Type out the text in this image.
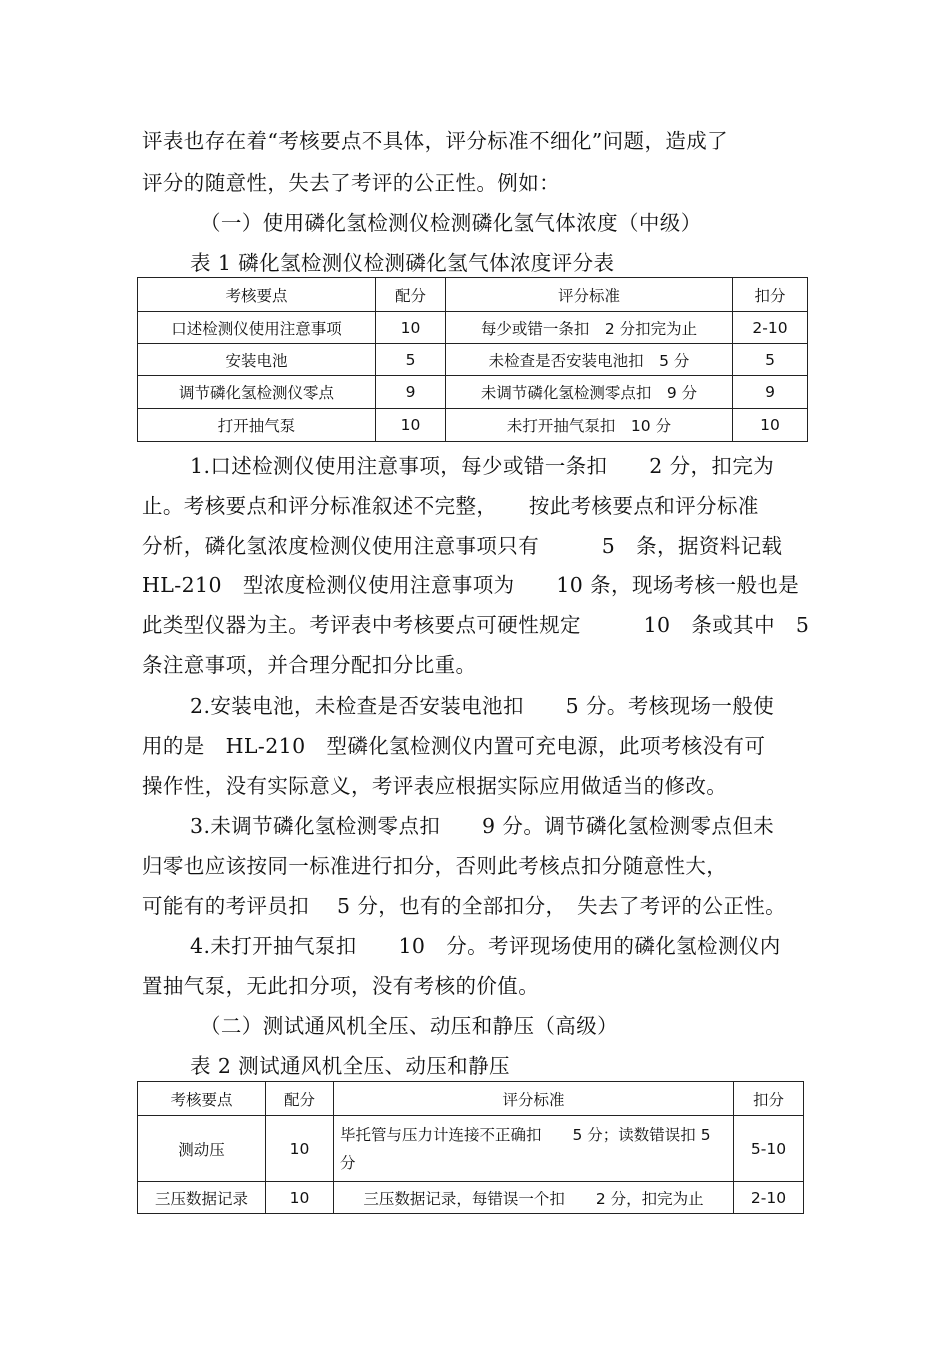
评表也存在着“考核要点不具体，评分标准不细化”问题，造成了
评分的随意性，失去了考评的公正性。例如：
（一）使用磷化氢检测仪检测磷化氢气体浓度（中级）
表 1 磷化氢检测仪检测磷化氢气体浓度评分表
考核要点	配分	评分标准	扣分
口述检测仪使用注意事项	10	每少或错一条扣　2 分扣完为止	2-10
安装电池	5	未检查是否安装电池扣　5 分	5
调节磷化氢检测仪零点	9	未调节磷化氢检测零点扣　9 分	9
打开抽气泵	10	未打开抽气泵扣　10 分	10
1.口述检测仪使用注意事项，每少或错一条扣　　2 分，扣完为
止。考核要点和评分标准叙述不完整，　　按此考核要点和评分标准
分析，磷化氢浓度检测仪使用注意事项只有　　　5　条，据资料记载
HL-210　型浓度检测仪使用注意事项为　　10 条，现场考核一般也是
此类型仪器为主。考评表中考核要点可硬性规定　　　10　条或其中　5
条注意事项，并合理分配扣分比重。
2.安装电池，未检查是否安装电池扣　　5 分。考核现场一般使
用的是　HL-210　型磷化氢检测仪内置可充电源，此项考核没有可
操作性，没有实际意义，考评表应根据实际应用做适当的修改。
3.未调节磷化氢检测零点扣　　9 分。调节磷化氢检测零点但未
归零也应该按同一标准进行扣分，否则此考核点扣分随意性大，
可能有的考评员扣　 5 分，也有的全部扣分，　失去了考评的公正性。
4.未打开抽气泵扣　　10　分。考评现场使用的磷化氢检测仪内
置抽气泵，无此扣分项，没有考核的价值。
（二）测试通风机全压、动压和静压（高级）
表 2 测试通风机全压、动压和静压
考核要点	配分	评分标准	扣分
测动压	10	毕托管与压力计连接不正确扣　　5 分；读数错误扣 5 分	5-10
三压数据记录	10	三压数据记录，每错误一个扣　　2 分，扣完为止	2-10
